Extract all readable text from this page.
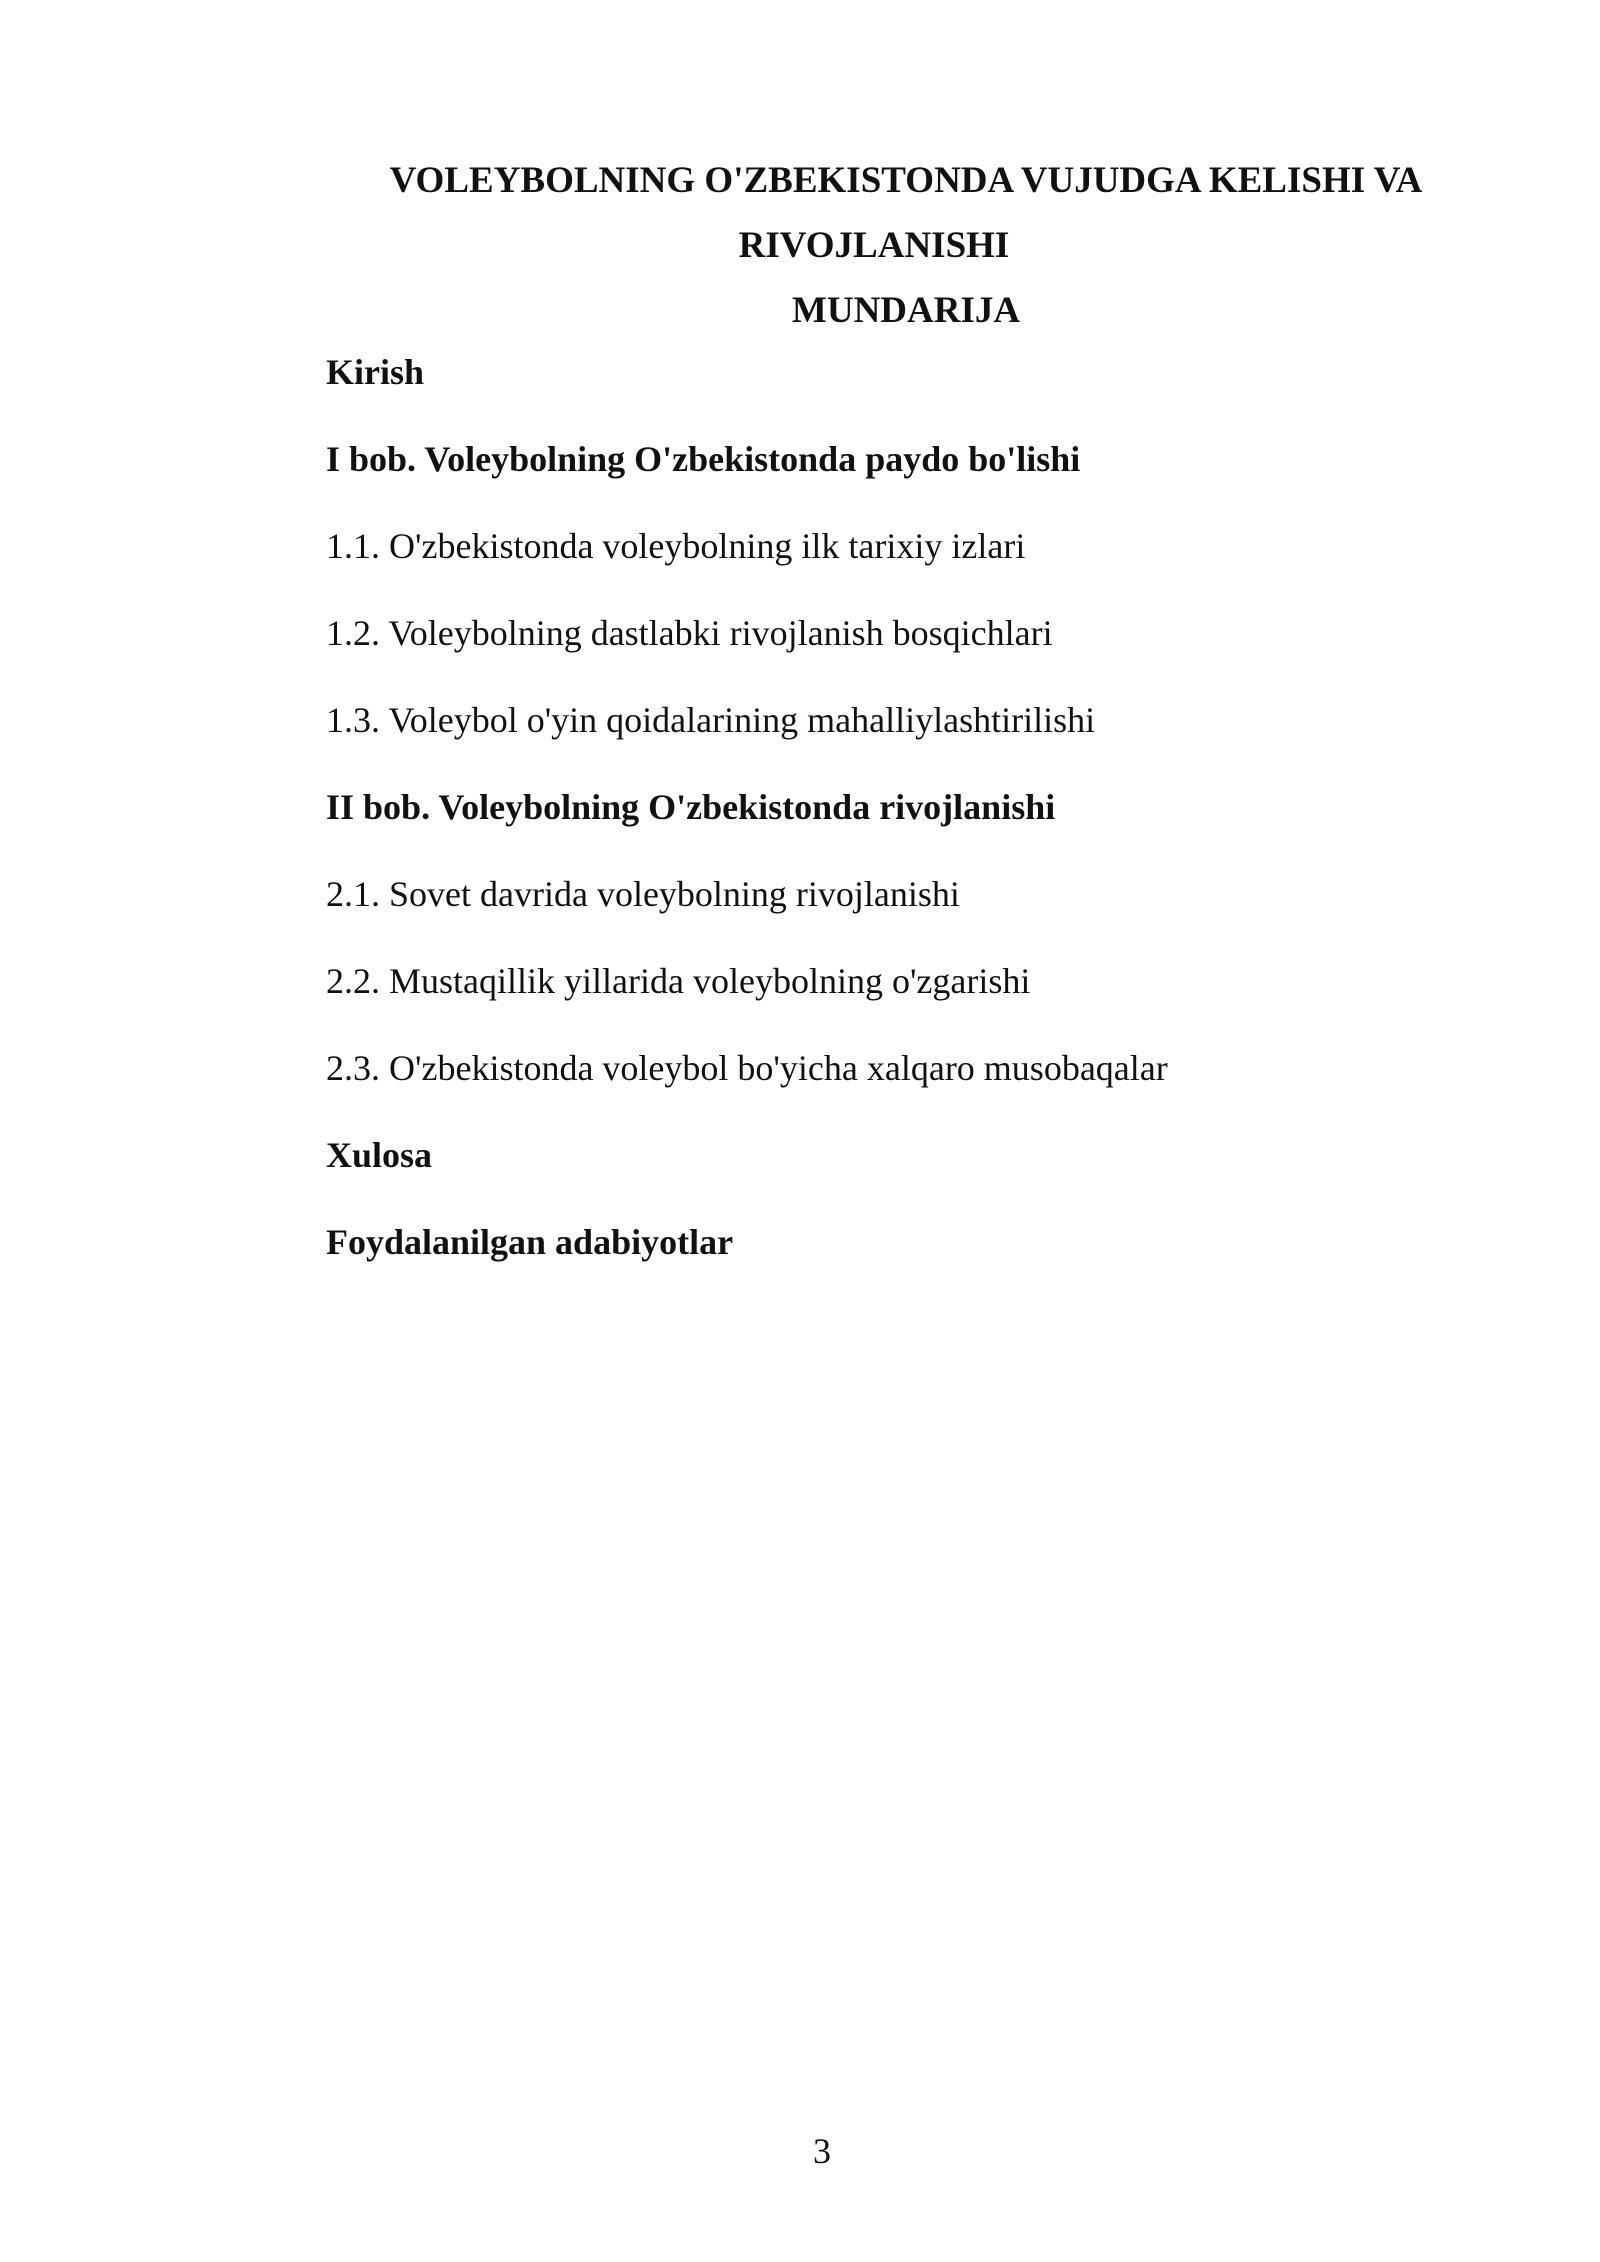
VOLEYBOLNING O'ZBEKISTONDA VUJUDGA KELISHI VA
RIVOJLANISHI
MUNDARIJA
Kirish
I bob. Voleybolning O'zbekistonda paydo bo'lishi
1.1. O'zbekistonda voleybolning ilk tarixiy izlari
1.2. Voleybolning dastlabki rivojlanish bosqichlari
1.3. Voleybol o'yin qoidalarining mahalliylashtirilishi
II bob. Voleybolning O'zbekistonda rivojlanishi
2.1. Sovet davrida voleybolning rivojlanishi
2.2. Mustaqillik yillarida voleybolning o'zgarishi
2.3. O'zbekistonda voleybol bo'yicha xalqaro musobaqalar
Xulosa
Foydalanilgan adabiyotlar
3
